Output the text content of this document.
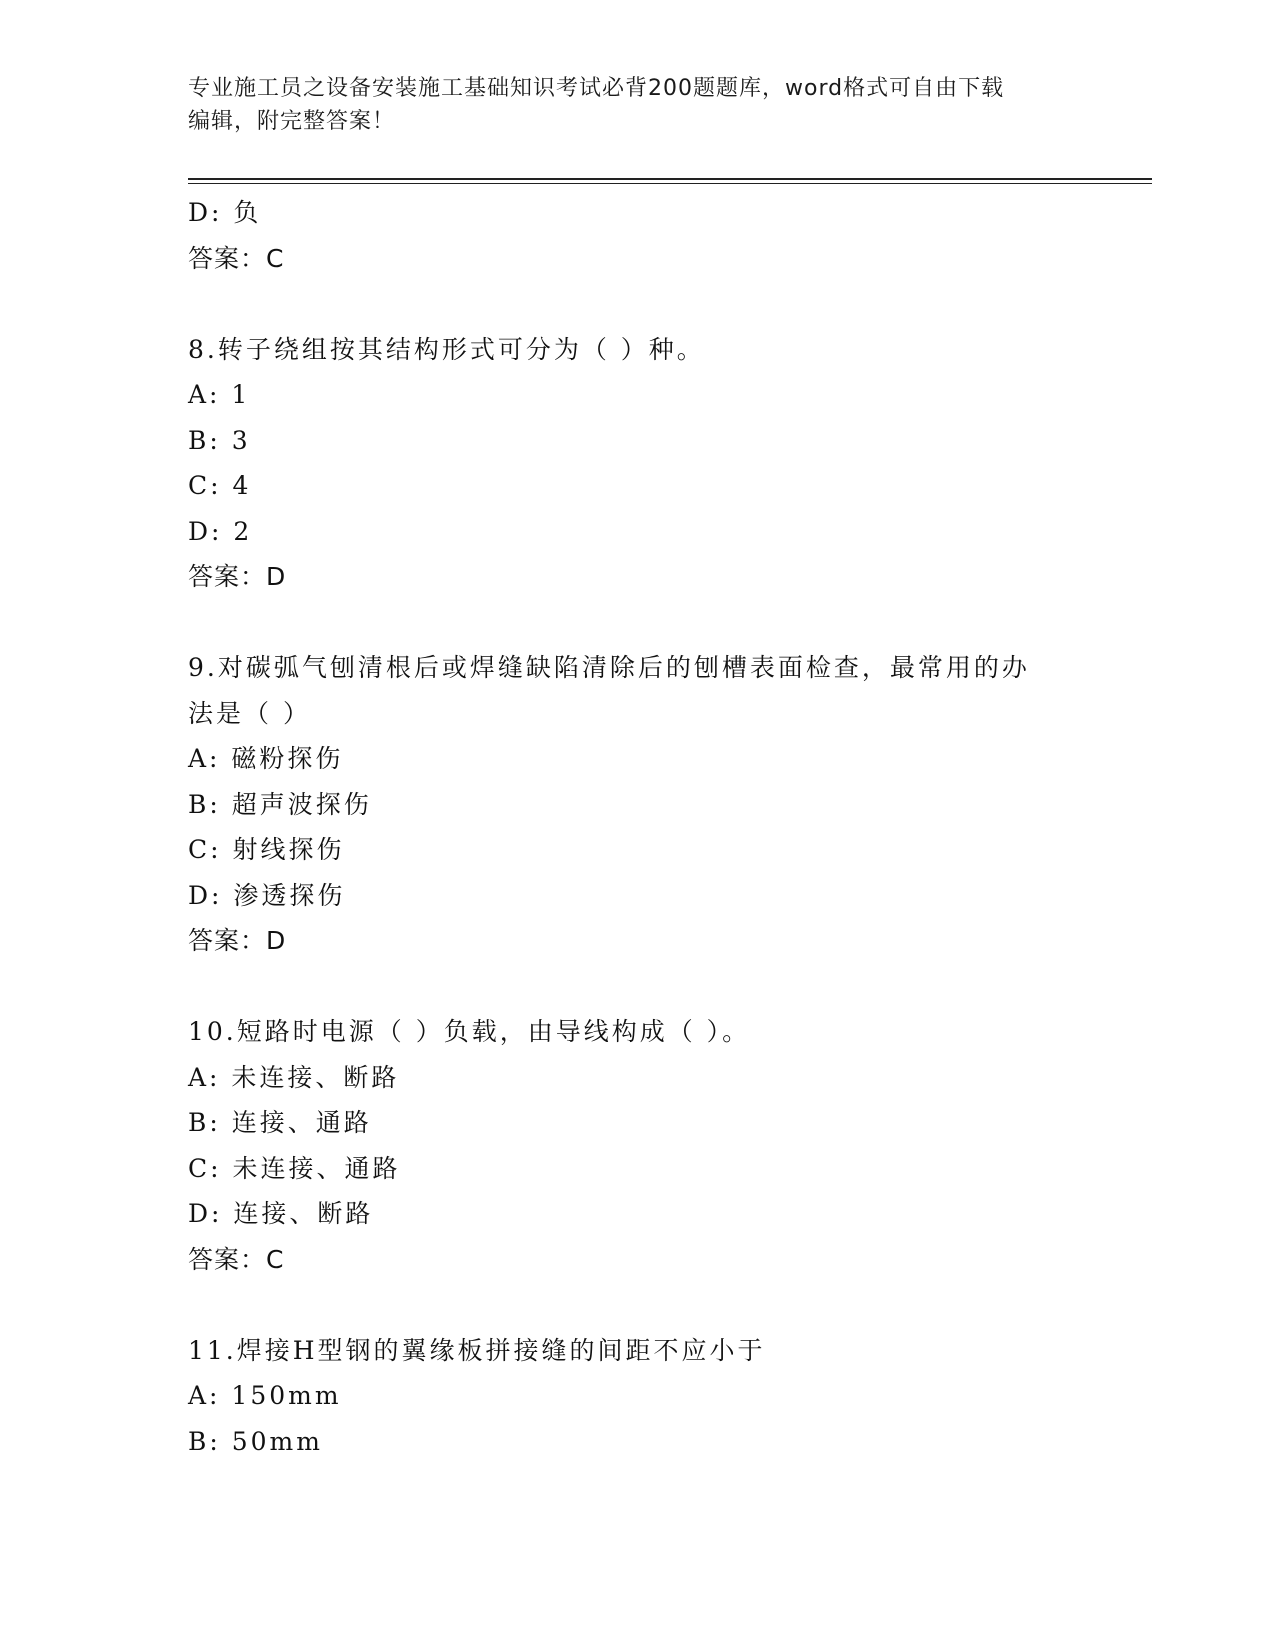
专业施工员之设备安装施工基础知识考试必背200题题库，word格式可自由下载
编辑，附完整答案！
D: 负
答案：C
8.转子绕组按其结构形式可分为（ ）种。
A: 1
B: 3
C: 4
D: 2
答案：D
9.对碳弧气刨清根后或焊缝缺陷清除后的刨槽表面检查，最常用的办
法是（ ）
A: 磁粉探伤
B: 超声波探伤
C: 射线探伤
D: 渗透探伤
答案：D
10.短路时电源（ ）负载，由导线构成（ ）。
A: 未连接、断路
B: 连接、通路
C: 未连接、通路
D: 连接、断路
答案：C
11.焊接H型钢的翼缘板拼接缝的间距不应小于
A: 150mm
B: 50mm
